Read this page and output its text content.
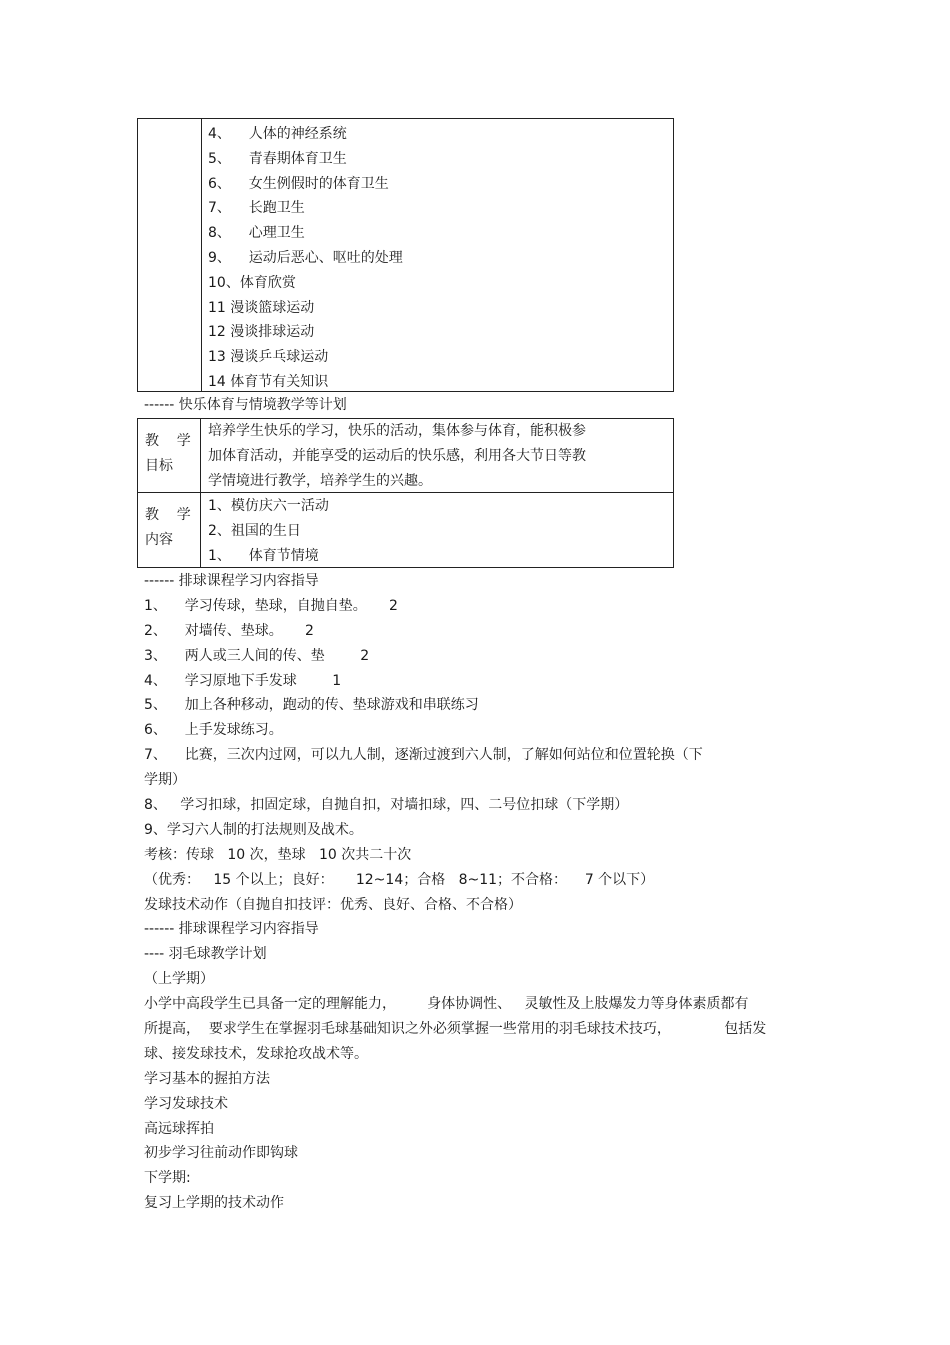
4、    人体的神经系统
5、    青春期体育卫生
6、    女生例假时的体育卫生
7、    长跑卫生
8、    心理卫生
9、    运动后恶心、呕吐的处理
10、体育欣赏
11 漫谈篮球运动
12 漫谈排球运动
13 漫谈乒乓球运动
14 体育节有关知识
------ 快乐体育与情境教学等计划
教    学
目标
培养学生快乐的学习，快乐的活动，集体参与体育，能积极参
加体育活动，并能享受的运动后的快乐感，利用各大节日等教
学情境进行教学，培养学生的兴趣。
教    学
内容
1、模仿庆六一活动
2、祖国的生日
1、    体育节情境
------ 排球课程学习内容指导
1、    学习传球，垫球，自抛自垫。     2
2、    对墙传、垫球。     2
3、    两人或三人间的传、垫        2
4、    学习原地下手发球        1
5、    加上各种移动，跑动的传、垫球游戏和串联练习
6、    上手发球练习。
7、    比赛，三次内过网，可以九人制，逐渐过渡到六人制，了解如何站位和位置轮换（下
学期）
8、   学习扣球，扣固定球，自抛自扣，对墙扣球，四、二号位扣球（下学期）
9、学习六人制的打法规则及战术。
考核：传球   10 次，垫球   10 次共二十次
（优秀：   15 个以上；良好：     12~14；合格   8~11；不合格：    7 个以下）
发球技术动作（自抛自扣技评：优秀、良好、合格、不合格）
------ 排球课程学习内容指导
---- 羽毛球教学计划
（上学期）
小学中高段学生已具备一定的理解能力，       身体协调性、   灵敏性及上肢爆发力等身体素质都有
所提高，  要求学生在掌握羽毛球基础知识之外必须掌握一些常用的羽毛球技术技巧，            包括发
球、接发球技术，发球抢攻战术等。
学习基本的握拍方法
学习发球技术
高远球挥拍
初步学习往前动作即钩球
下学期:
复习上学期的技术动作
